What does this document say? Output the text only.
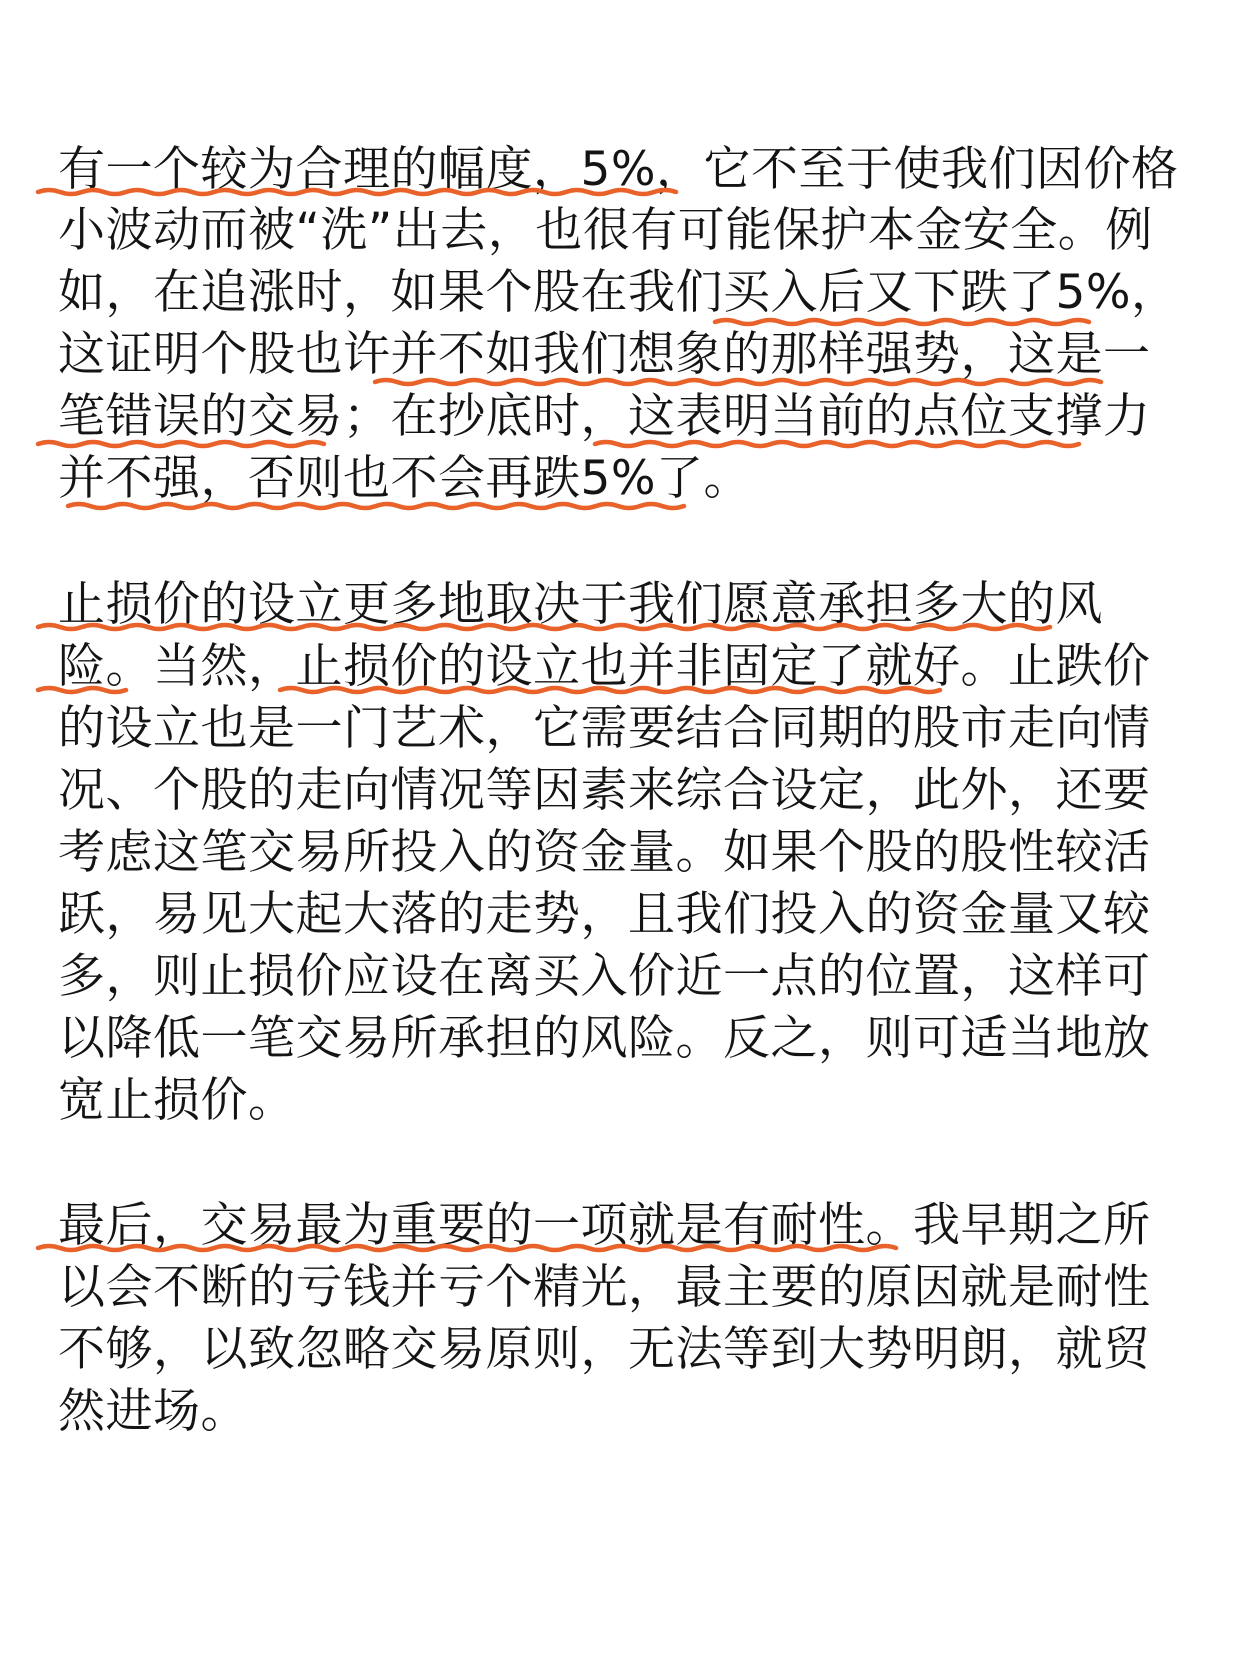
有一个较为合理的幅度，5%，它不至于使我们因价格
小波动而被“洗”出去，也很有可能保护本金安全。例
如，在追涨时，如果个股在我们买入后又下跌了5%，
这证明个股也许并不如我们想象的那样强势，这是一
笔错误的交易；在抄底时，这表明当前的点位支撑力
并不强，否则也不会再跌5%了。
止损价的设立更多地取决于我们愿意承担多大的风
险。当然，止损价的设立也并非固定了就好。止跌价
的设立也是一门艺术，它需要结合同期的股市走向情
况、个股的走向情况等因素来综合设定，此外，还要
考虑这笔交易所投入的资金量。如果个股的股性较活
跃，易见大起大落的走势，且我们投入的资金量又较
多，则止损价应设在离买入价近一点的位置，这样可
以降低一笔交易所承担的风险。反之，则可适当地放
宽止损价。
最后，交易最为重要的一项就是有耐性。我早期之所
以会不断的亏钱并亏个精光，最主要的原因就是耐性
不够，以致忽略交易原则，无法等到大势明朗，就贸
然进场。
